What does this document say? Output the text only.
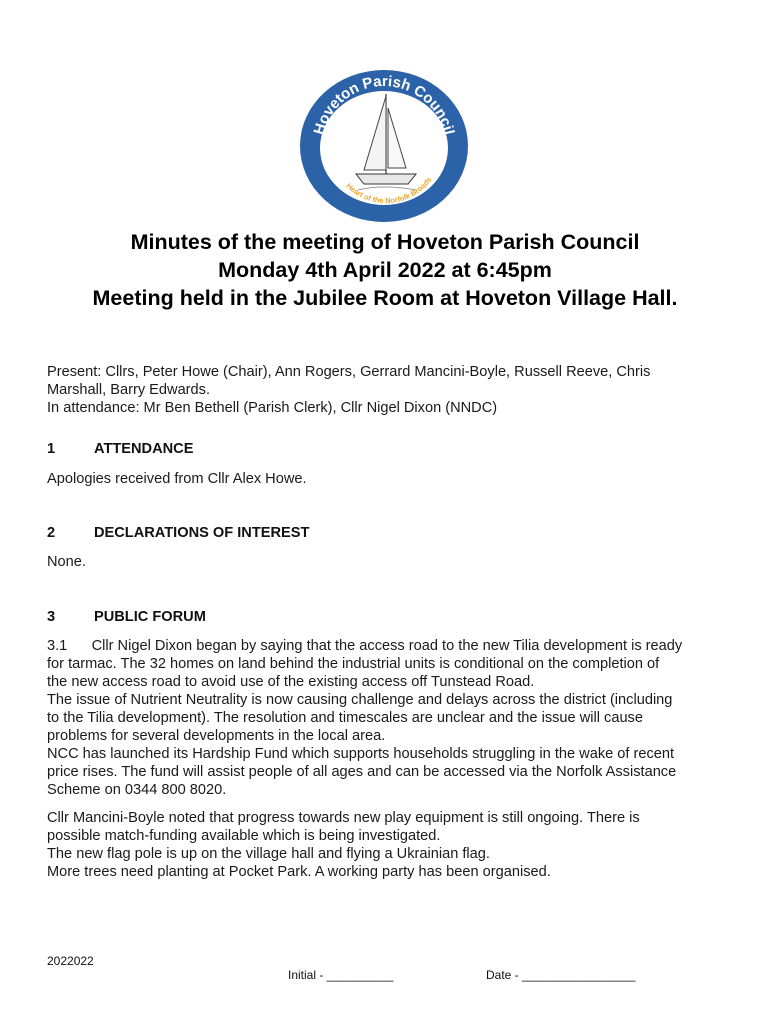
Hoveton Parish Council
Heart of the Norfolk Broads
Minutes of the meeting of Hoveton Parish Council
Monday 4th April 2022 at 6:45pm
Meeting held in the Jubilee Room at Hoveton Village Hall.

Present: Cllrs, Peter Howe (Chair), Ann Rogers, Gerrard Mancini-Boyle, Russell Reeve, Chris

Marshall, Barry Edwards.

In attendance: Mr Ben Bethell (Parish Clerk), Cllr Nigel Dixon (NNDC)

1	ATTENDANCE

Apologies received from Cllr Alex Howe.

2	DECLARATIONS OF INTEREST

None.

3	PUBLIC FORUM

3.1      Cllr Nigel Dixon began by saying that the access road to the new Tilia development is ready

for tarmac. The 32 homes on land behind the industrial units is conditional on the completion of

the new access road to avoid use of the existing access off Tunstead Road.

The issue of Nutrient Neutrality is now causing challenge and delays across the district (including

to the Tilia development). The resolution and timescales are unclear and the issue will cause

problems for several developments in the local area.

NCC has launched its Hardship Fund which supports households struggling in the wake of recent

price rises. The fund will assist people of all ages and can be accessed via the Norfolk Assistance

Scheme on 0344 800 8020.

Cllr Mancini-Boyle noted that progress towards new play equipment is still ongoing. There is

possible match-funding available which is being investigated.

The new flag pole is up on the village hall and flying a Ukrainian flag.

More trees need planting at Pocket Park. A working party has been organised.

2022022
Initial - __________	Date - _________________
